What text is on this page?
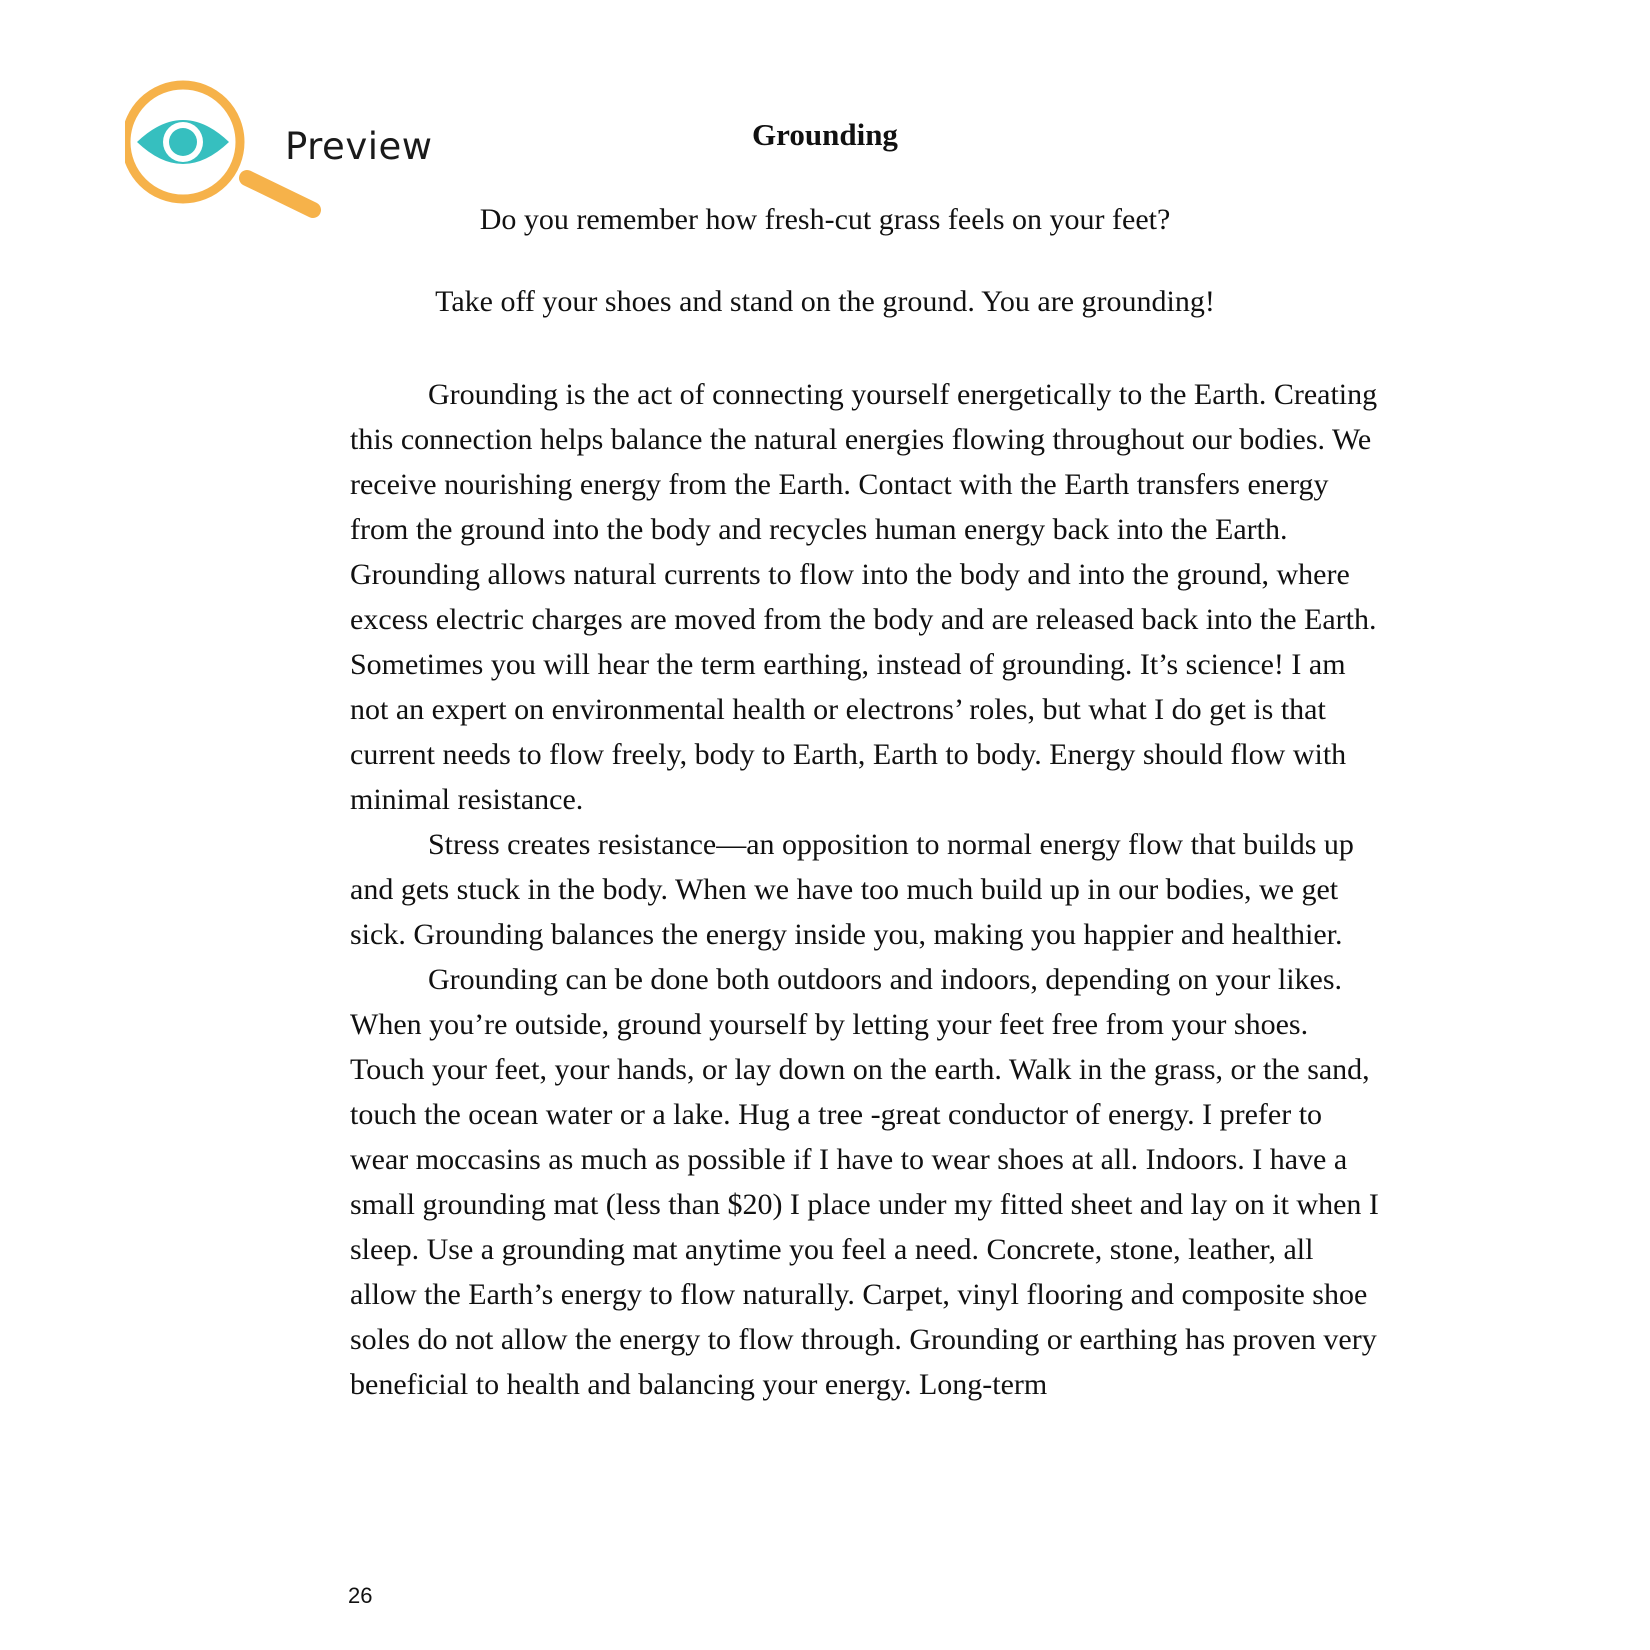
Preview	Grounding

Do you remember how fresh-cut grass feels on your feet?

Take off your shoes and stand on the ground. You are grounding!

Grounding is the act of connecting yourself energetically to the Earth. Creating this connection helps balance the natural energies flowing throughout our bodies. We receive nourishing energy from the Earth. Contact with the Earth transfers energy from the ground into the body and recycles human energy back into the Earth. Grounding allows natural currents to flow into the body and into the ground, where excess electric charges are moved from the body and are released back into the Earth. Sometimes you will hear the term earthing, instead of grounding. It’s science! I am not an expert on environmental health or electrons’ roles, but what I do get is that current needs to flow freely, body to Earth, Earth to body. Energy should flow with minimal resistance.

Stress creates resistance—an opposition to normal energy flow that builds up and gets stuck in the body. When we have too much build up in our bodies, we get sick. Grounding balances the energy inside you, making you happier and healthier.

Grounding can be done both outdoors and indoors, depending on your likes. When you’re outside, ground yourself by letting your feet free from your shoes. Touch your feet, your hands, or lay down on the earth. Walk in the grass, or the sand, touch the ocean water or a lake. Hug a tree -great conductor of energy. I prefer to wear moccasins as much as possible if I have to wear shoes at all. Indoors. I have a small grounding mat (less than $20) I place under my fitted sheet and lay on it when I sleep. Use a grounding mat anytime you feel a need. Concrete, stone, leather, all allow the Earth’s energy to flow naturally. Carpet, vinyl flooring and composite shoe soles do not allow the energy to flow through. Grounding or earthing has proven very beneficial to health and balancing your energy. Long-term

26
